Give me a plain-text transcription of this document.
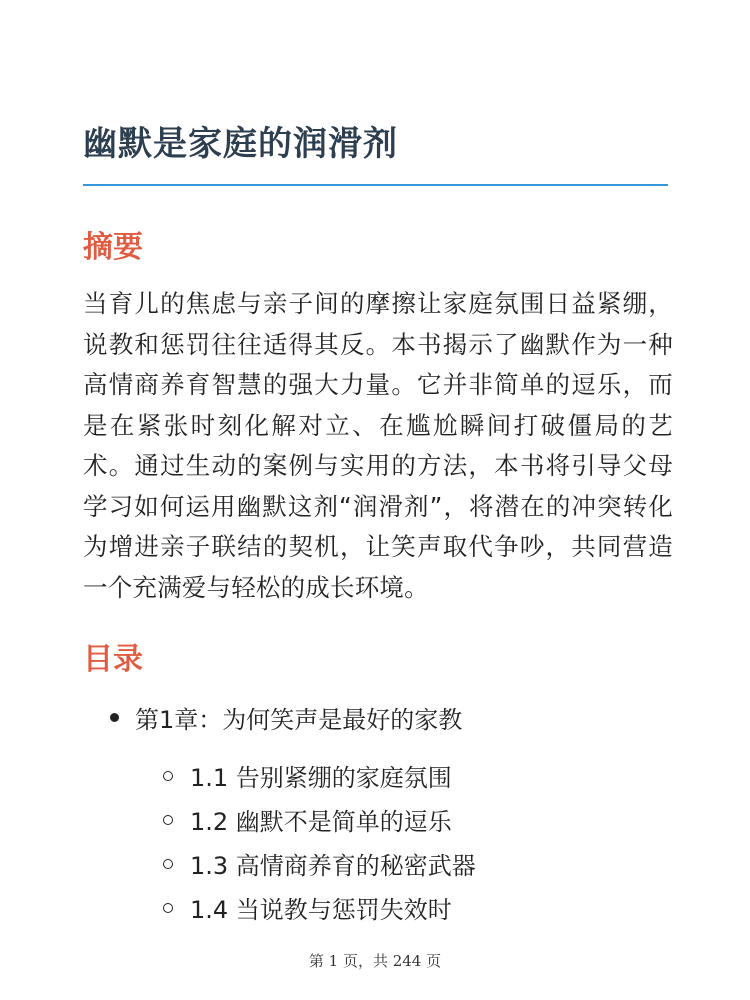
幽默是家庭的润滑剂
摘要

当育儿的焦虑与亲子间的摩擦让家庭氛围日益紧绷，说教和惩罚往往适得其反。本书揭示了幽默作为一种高情商养育智慧的强大力量。它并非简单的逗乐，而是在紧张时刻化解对立、在尴尬瞬间打破僵局的艺术。通过生动的案例与实用的方法，本书将引导父母学习如何运用幽默这剂“润滑剂”，将潜在的冲突转化为增进亲子联结的契机，让笑声取代争吵，共同营造一个充满爱与轻松的成长环境。

目录
第1章：为何笑声是最好的家教
1.1 告别紧绷的家庭氛围
1.2 幽默不是简单的逗乐
1.3 高情商养育的秘密武器
1.4 当说教与惩罚失效时
第 1 页，共 244 页
